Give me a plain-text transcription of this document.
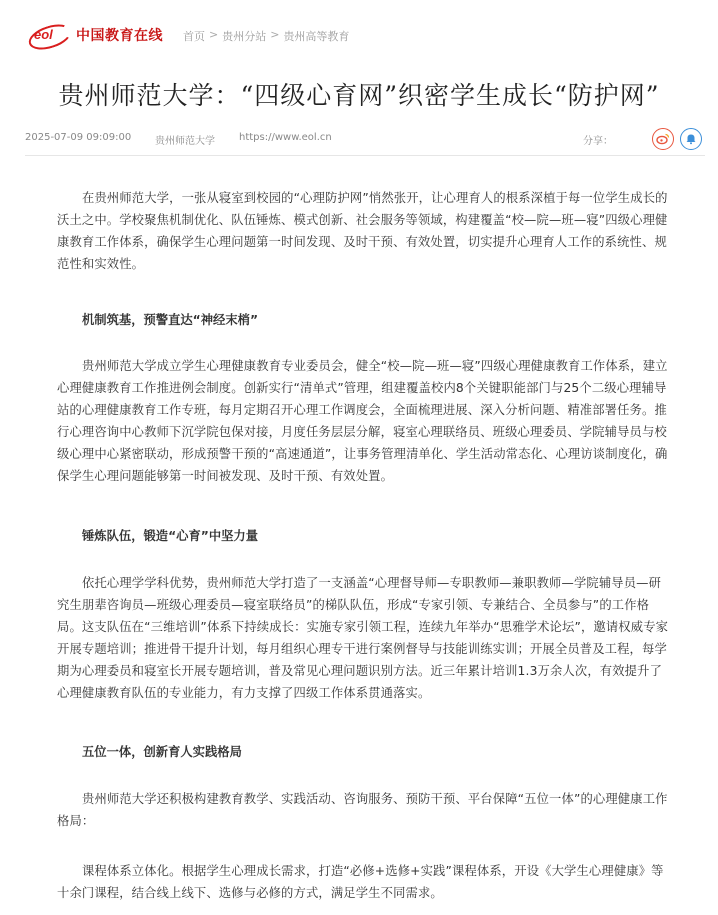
eol 中国教育在线 首页 > 贵州分站 > 贵州高等教育
贵州师范大学：“四级心育网”织密学生成长“防护网”
2025-07-09 09:09:00 贵州师范大学 https://www.eol.cn	分享：

在贵州师范大学，一张从寝室到校园的“心理防护网”悄然张开，让心理育人的根系深植于每一位学生成长的沃土之中。学校聚焦机制优化、队伍锤炼、模式创新、社会服务等领域，构建覆盖“校—院—班—寝”四级心理健康教育工作体系，确保学生心理问题第一时间发现、及时干预、有效处置，切实提升心理育人工作的系统性、规范性和实效性。

机制筑基，预警直达“神经末梢”

贵州师范大学成立学生心理健康教育专业委员会，健全“校—院—班—寝”四级心理健康教育工作体系，建立心理健康教育工作推进例会制度。创新实行“清单式”管理，组建覆盖校内8个关键职能部门与25个二级心理辅导站的心理健康教育工作专班，每月定期召开心理工作调度会，全面梳理进展、深入分析问题、精准部署任务。推行心理咨询中心教师下沉学院包保对接，月度任务层层分解，寝室心理联络员、班级心理委员、学院辅导员与校级心理中心紧密联动，形成预警干预的“高速通道”，让事务管理清单化、学生活动常态化、心理访谈制度化，确保学生心理问题能够第一时间被发现、及时干预、有效处置。

锤炼队伍，锻造“心育”中坚力量

依托心理学学科优势，贵州师范大学打造了一支涵盖“心理督导师—专职教师—兼职教师—学院辅导员—研究生朋辈咨询员—班级心理委员—寝室联络员”的梯队队伍，形成“专家引领、专兼结合、全员参与”的工作格局。这支队伍在“三维培训”体系下持续成长：实施专家引领工程，连续九年举办“思雅学术论坛”，邀请权威专家开展专题培训；推进骨干提升计划，每月组织心理专干进行案例督导与技能训练实训；开展全员普及工程，每学期为心理委员和寝室长开展专题培训，普及常见心理问题识别方法。近三年累计培训1.3万余人次，有效提升了心理健康教育队伍的专业能力，有力支撑了四级工作体系贯通落实。

五位一体，创新育人实践格局

贵州师范大学还积极构建教育教学、实践活动、咨询服务、预防干预、平台保障“五位一体”的心理健康工作格局：

课程体系立体化。根据学生心理成长需求，打造“必修+选修+实践”课程体系，开设《大学生心理健康》等十余门课程，结合线上线下、选修与必修的方式，满足学生不同需求。
